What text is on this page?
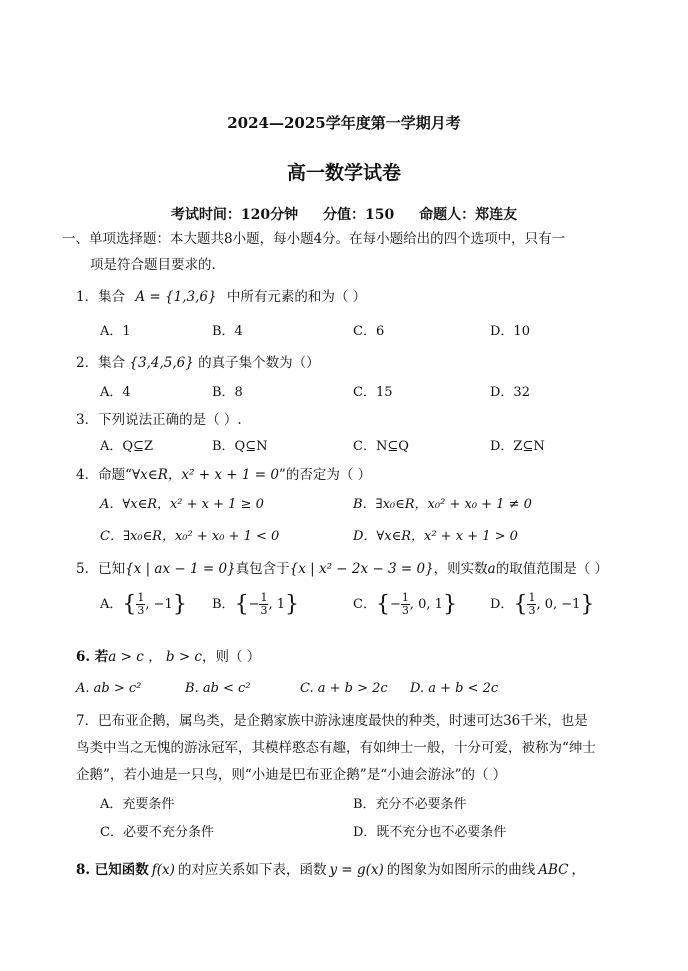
2024—2025学年度第一学期月考
高一数学试卷
考试时间：120分钟 分值：150 命题人：郑连友
一、单项选择题：本大题共8小题，每小题4分。在每小题给出的四个选项中，只有一
项是符合题目要求的.
1．集合 A = {1,3,6} 中所有元素的和为（ ）
A．1	B．4	C．6	D．10
2．集合 {3,4,5,6} 的真子集个数为（）
A．4	B．8	C．15	D．32
3．下列说法正确的是（ ）.
A．Q⊆Z	B．Q⊆N	C．N⊆Q	D．Z⊆N
4．命题“∀x∈R，x² + x + 1 = 0”的否定为（ ）
A．∀x∈R，x² + x + 1 ≥ 0	B．∃x₀∈R，x₀² + x₀ + 1 ≠ 0
C．∃x₀∈R，x₀² + x₀ + 1 < 0	D．∀x∈R，x² + x + 1 > 0
5．已知{x | ax − 1 = 0}真包含于{x | x² − 2x − 3 = 0}，则实数a的取值范围是（ ）
A．{ $\frac{1}{3}$ , −1} B．{− $\frac{1}{3}$ , 1}	C．{− $\frac{1}{3}$ , 0, 1}	D．{ $\frac{1}{3}$ , 0, −1}
6. 若a > c ， b > c，则（ ）
A. ab > c²	B. ab < c²	C. a + b > 2c D. a + b < 2c
7．巴布亚企鹅，属鸟类，是企鹅家族中游泳速度最快的种类，时速可达36千米，也是
鸟类中当之无愧的游泳冠军，其模样憨态有趣，有如绅士一般，十分可爱，被称为“绅士
企鹅”，若小迪是一只鸟，则“小迪是巴布亚企鹅”是“小迪会游泳”的（ ）
A．充要条件	B．充分不必要条件
C．必要不充分条件	D．既不充分也不必要条件
8. 已知函数 f(x) 的对应关系如下表，函数 y = g(x) 的图象为如图所示的曲线 ABC ，
